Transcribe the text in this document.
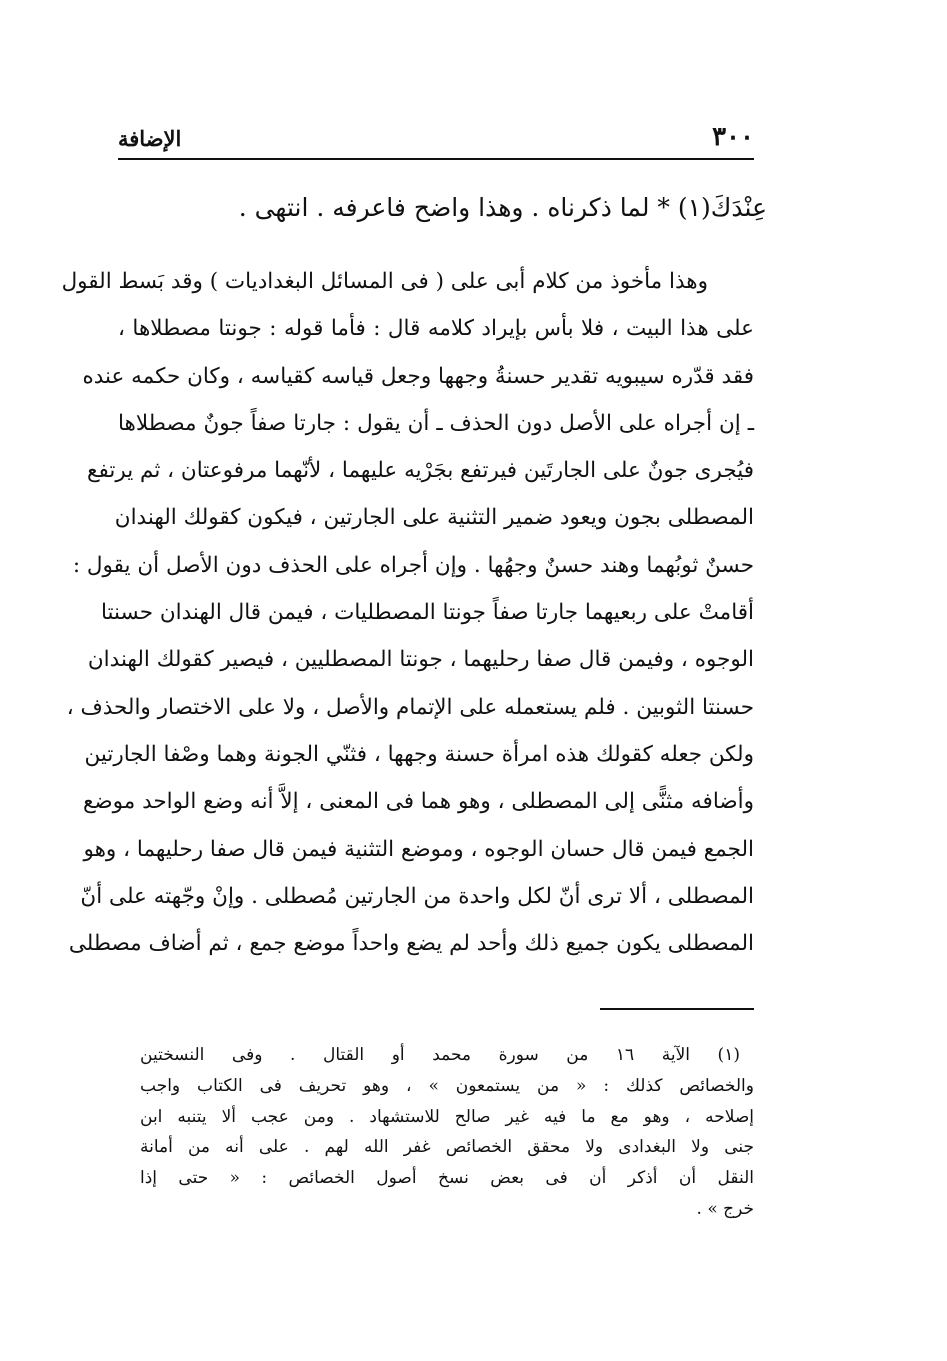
٣٠٠
الإضافة
عِنْدَكَ(١) * لما ذكرناه . وهذا واضح فاعرفه . انتهى .
وهذا مأخوذ من كلام أبى على ( فى المسائل البغداديات ) وقد بَسط القول
على هذا البيت ، فلا بأس بإيراد كلامه قال : فأما قوله : جونتا مصطلاها ،
فقد قدّره سيبويه تقدير حسنةُ وجهها وجعل قياسه كقياسه ، وكان حكمه عنده
ـ إن أجراه على الأصل دون الحذف ـ أن يقول : جارتا صفاً جونٌ مصطلاها
فيُجرى جونٌ على الجارتَين فيرتفع بجَرْيه عليهما ، لأنّهما مرفوعتان ، ثم يرتفع
المصطلى بجون ويعود ضمير التثنية على الجارتين ، فيكون كقولك الهندان
حسنٌ ثوبُهما وهند حسنٌ وجهُها . وإن أجراه على الحذف دون الأصل أن يقول :
أقامتْ على ربعيهما جارتا صفاً جونتا المصطليات ، فيمن قال الهندان حسنتا
الوجوه ، وفيمن قال صفا رحليهما ، جونتا المصطليين ، فيصير كقولك الهندان
حسنتا الثوبين . فلم يستعمله على الإتمام والأصل ، ولا على الاختصار والحذف ،
ولكن جعله كقولك هذه امرأة حسنة وجهها ، فثنّي الجونة وهما وصْفا الجارتين
وأضافه مثنًّى إلى المصطلى ، وهو هما فى المعنى ، إلاَّ أنه وضع الواحد موضع
الجمع فيمن قال حسان الوجوه ، وموضع التثنية فيمن قال صفا رحليهما ، وهو
المصطلى ، ألا ترى أنّ لكل واحدة من الجارتين مُصطلى . وإنْ وجّهته على أنّ
المصطلى يكون جميع ذلك وأحد لم يضع واحداً موضع جمع ، ثم أضاف مصطلى
(١) الآية ١٦ من سورة محمد أو القتال . وفى النسختين
والخصائص كذلك : « من يستمعون » ، وهو تحريف فى الكتاب واجب
إصلاحه ، وهو مع ما فيه غير صالح للاستشهاد . ومن عجب ألا يتنبه ابن
جنى ولا البغدادى ولا محقق الخصائص غفر الله لهم . على أنه من أمانة
النقل أن أذكر أن فى بعض نسخ أصول الخصائص : « حتى إذا
خرج » .
